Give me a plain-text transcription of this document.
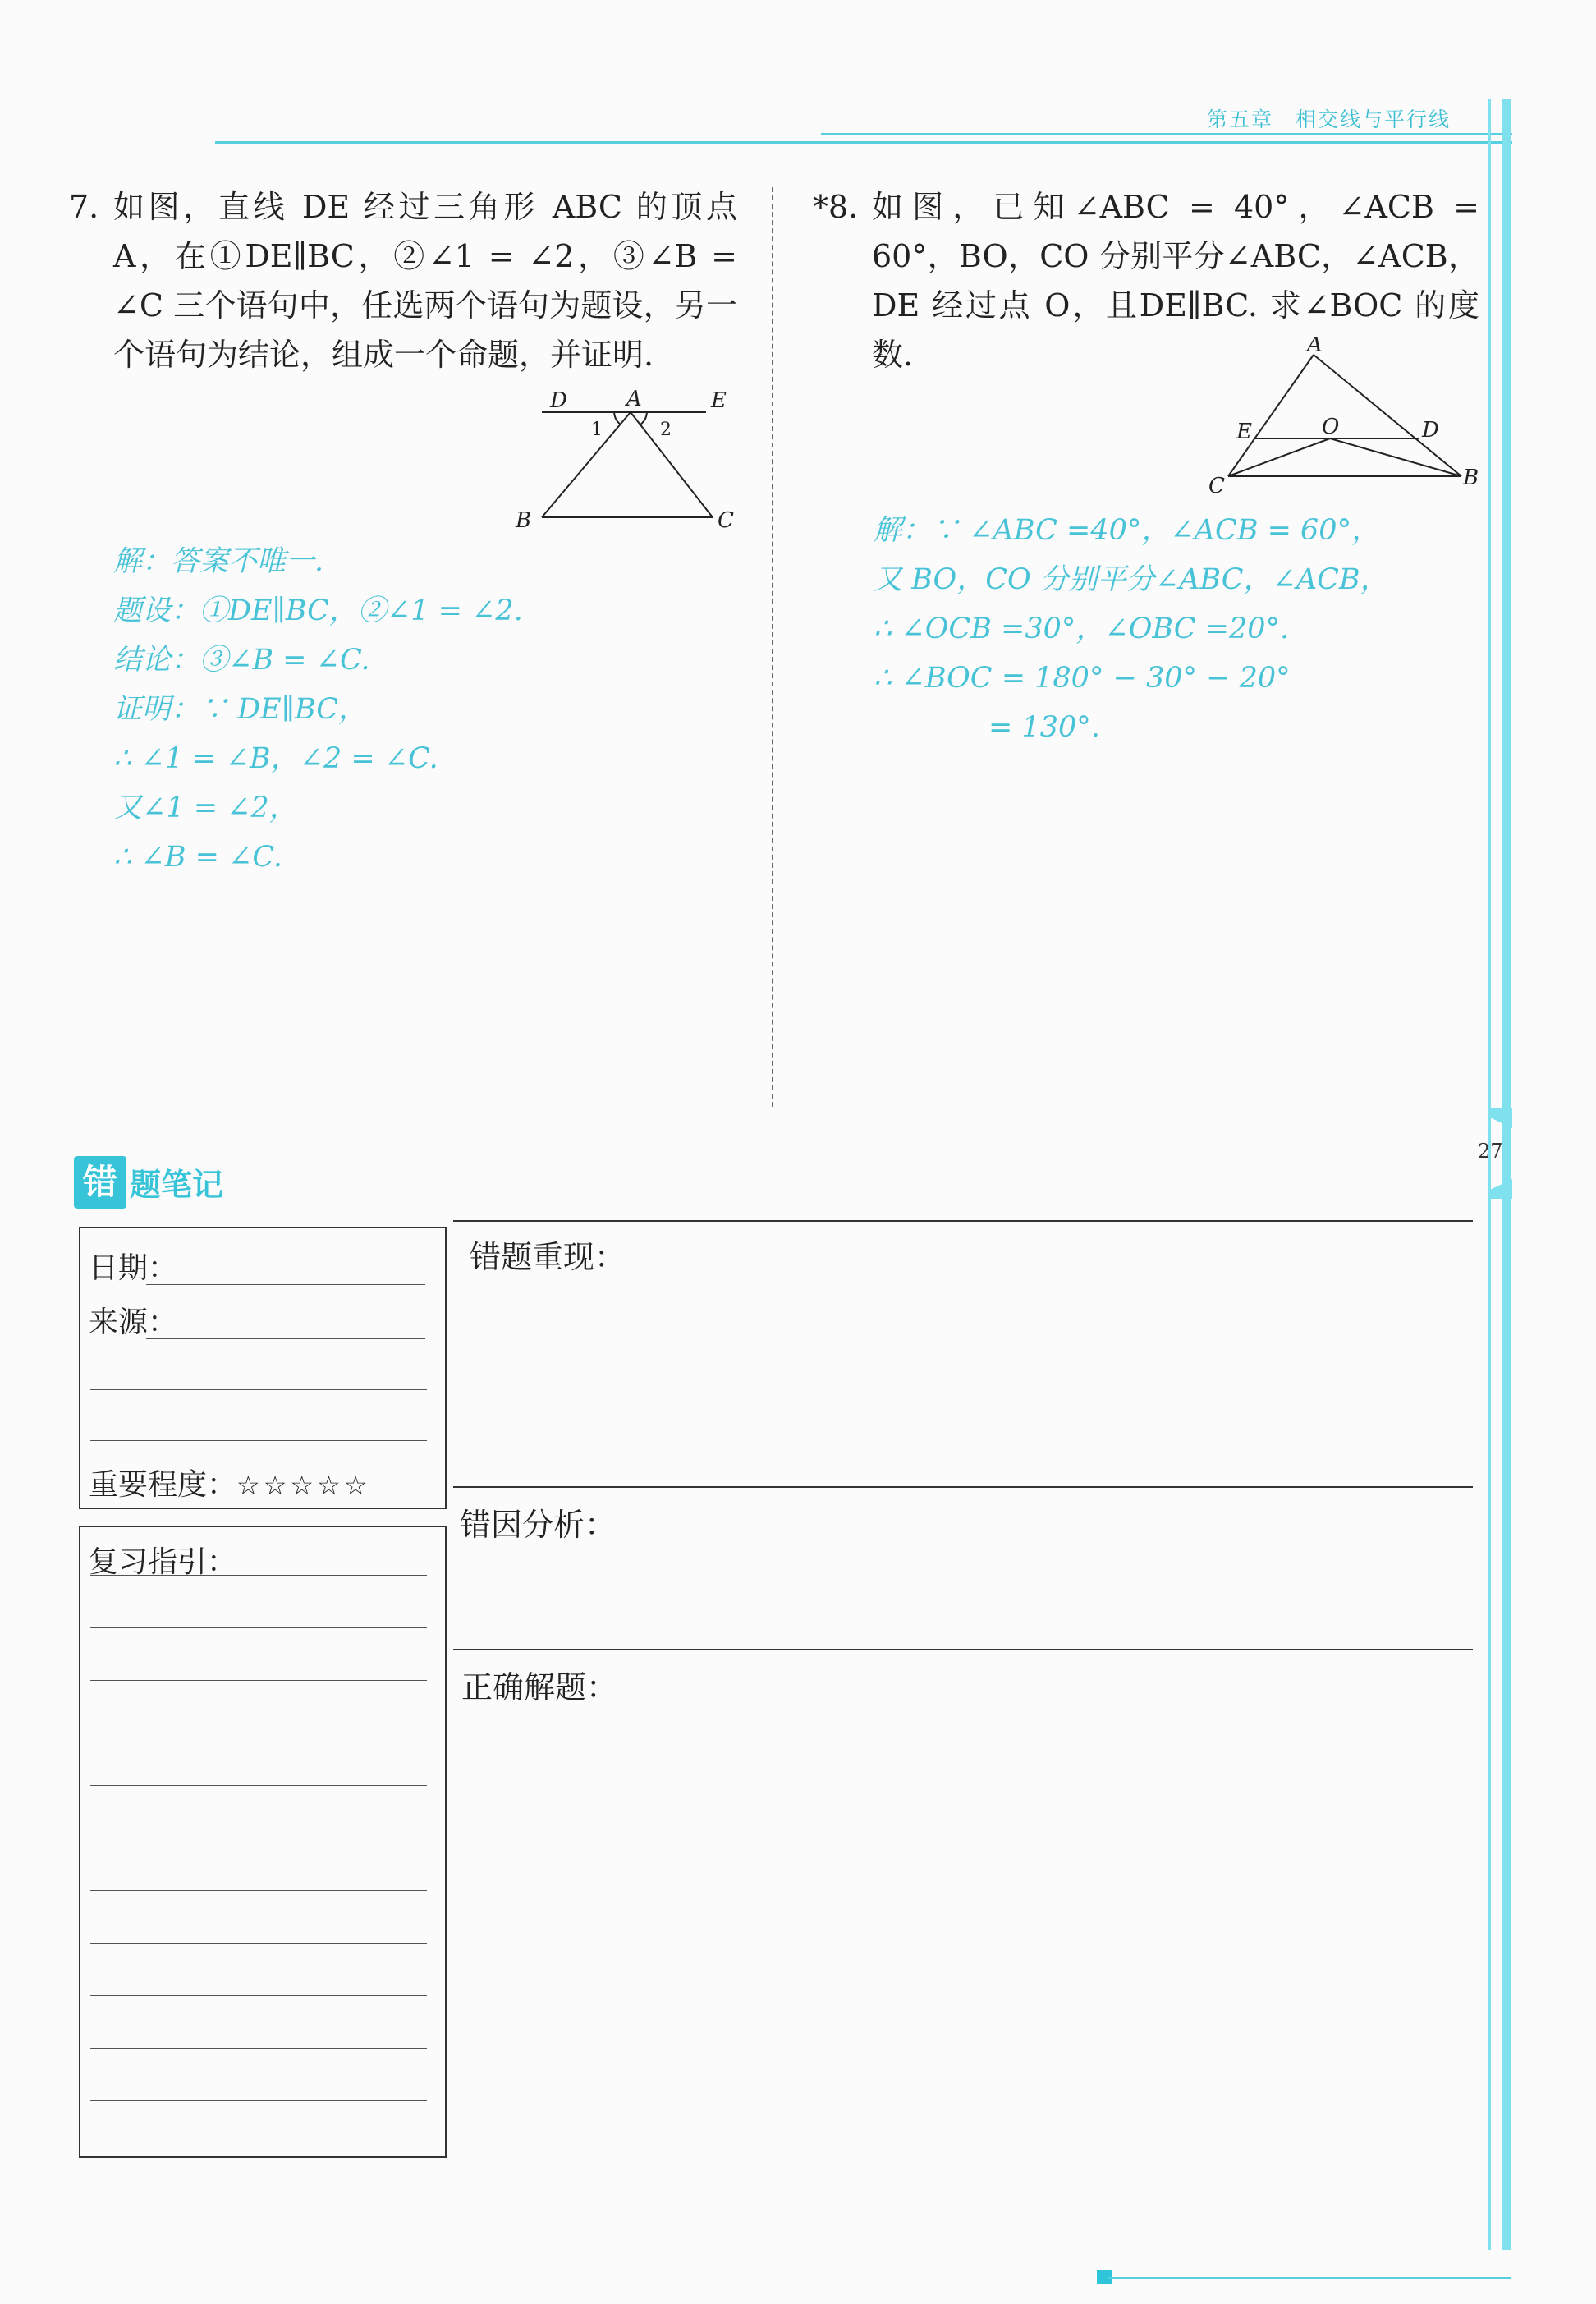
第五章　相交线与平行线
27
7. 如图，直线 DE 经过三角形 ABC 的顶点 A，在①DE∥BC，②∠1 = ∠2，③∠B = ∠C 三个语句中，任选两个语句为题设，另一个语句为结论，组成一个命题，并证明.
D	A	E
1	2
B	C
解：答案不唯一.
题设：①DE∥BC，②∠1 = ∠2.
结论：③∠B = ∠C.
证明：∵ DE∥BC，
∴ ∠1 = ∠B，∠2 = ∠C.
又∠1 = ∠2，
∴ ∠B = ∠C.
*8. 如图，已知∠ABC = 40°，∠ACB = 60°，BO，CO 分别平分∠ABC，∠ACB，DE 经过点 O，且DE∥BC. 求∠BOC 的度数.	A
E	O	D
C	B
解：∵ ∠ABC =40°，∠ACB = 60°，
又 BO，CO 分别平分∠ABC，∠ACB，
∴ ∠OCB =30°，∠OBC =20°.
∴ ∠BOC = 180° − 30° − 20°
　　　　= 130°.
错 题笔记
日期：
来源：
重要程度：☆☆☆☆☆
复习指引：
错题重现：
错因分析：
正确解题：
